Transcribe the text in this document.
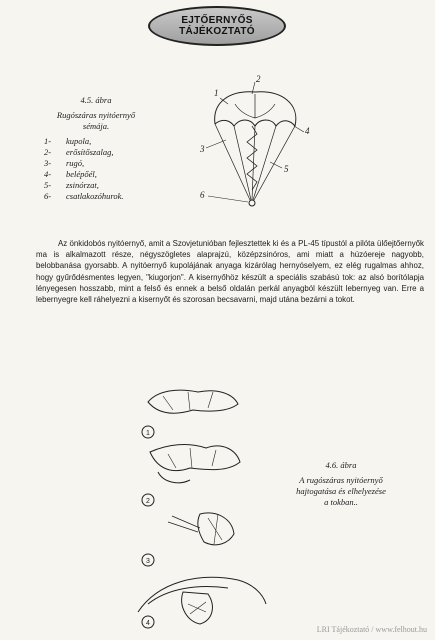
EJTŐERNYŐS
TÁJÉKOZTATÓ
4.5. ábra
Rugószáras nyitóernyő
sémája.
1-	kupola,
2-	erősítőszalag,
3-	rugó,
4-	belépőél,
5-	zsinórzat,
6-	csatlakozóhurok.
1
2
3
4
5
6

Az önkidobós nyitóernyő, amit a Szovjetunióban fejlesztettek ki és a PL-45 típustól a pilóta ülőejtőernyők ma is alkalmazott része, négyszögletes alaprajzú, középzsinóros, ami miatt a húzóereje nagyobb, belobbanása gyorsabb. A nyitóernyő kupolájának anyaga kizárólag hernyóselyem, ez elég rugalmas ahhoz, hogy gyűrődésmentes legyen, "kiugorjon". A kisernyőhöz készült a speciális szabású tok: az alsó borítólapja lényegesen hosszabb, mint a felső és ennek a belső oldalán perkál anyagból készült lebernyeg van. Erre a lebernyegre kell ráhelyezni a kisernyőt és szorosan becsavarni, majd utána bezárni a tokot.

1
2
3
4
4.6. ábra
A rugószáras nyitóernyő
hajtogatása és elhelyezése
a tokban..
LRI Tájékoztató / www.felhout.hu
